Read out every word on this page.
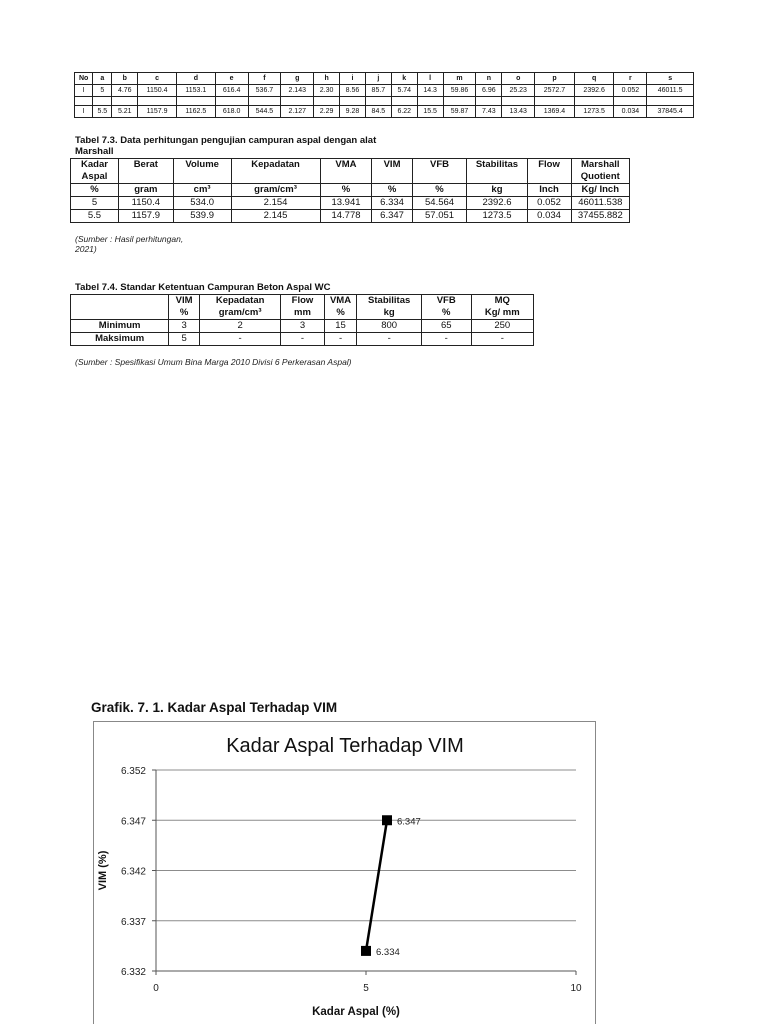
No	a	b	c	d	e	f	g	h	i	j	k	l	m	n	o	p	q	r	s
I	5	4.76	1150.4	1153.1	616.4	536.7	2.143	2.30	8.56	85.7	5.74	14.3	59.86	6.96	25.23	2572.7	2392.6	0.052	46011.5

I	5.5	5.21	1157.9	1162.5	618.0	544.5	2.127	2.29	9.28	84.5	6.22	15.5	59.87	7.43	13.43	1369.4	1273.5	0.034	37845.4
Tabel 7.3. Data perhitungan pengujian campuran aspal dengan alat
Marshall
Kadar	Berat	Volume	Kepadatan	VMA	VIM	VFB	Stabilitas	Flow	Marshall
Aspal									Quotient
%	gram	cm³	gram/cm³	%	%	%	kg	Inch	Kg/ Inch
5	1150.4	534.0	2.154	13.941	6.334	54.564	2392.6	0.052	46011.538
5.5	1157.9	539.9	2.145	14.778	6.347	57.051	1273.5	0.034	37455.882
(Sumber : Hasil perhitungan,
2021)
Tabel 7.4. Standar Ketentuan Campuran Beton Aspal WC
	VIM	Kepadatan	Flow	VMA	Stabilitas	VFB	MQ
	%	gram/cm³	mm	%	kg	%	Kg/ mm
Minimum	3	2	3	15	800	65	250
Maksimum	5	-	-	-	-	-	-
(Sumber : Spesifikasi Umum Bina Marga 2010 Divisi 6 Perkerasan Aspal)
Grafik. 7. 1. Kadar Aspal Terhadap VIM
Kadar Aspal Terhadap VIM
6.332
6.337
6.342
6.347
6.352
0	5	10
6.334
6.347
VIM (%)
Kadar Aspal (%)
